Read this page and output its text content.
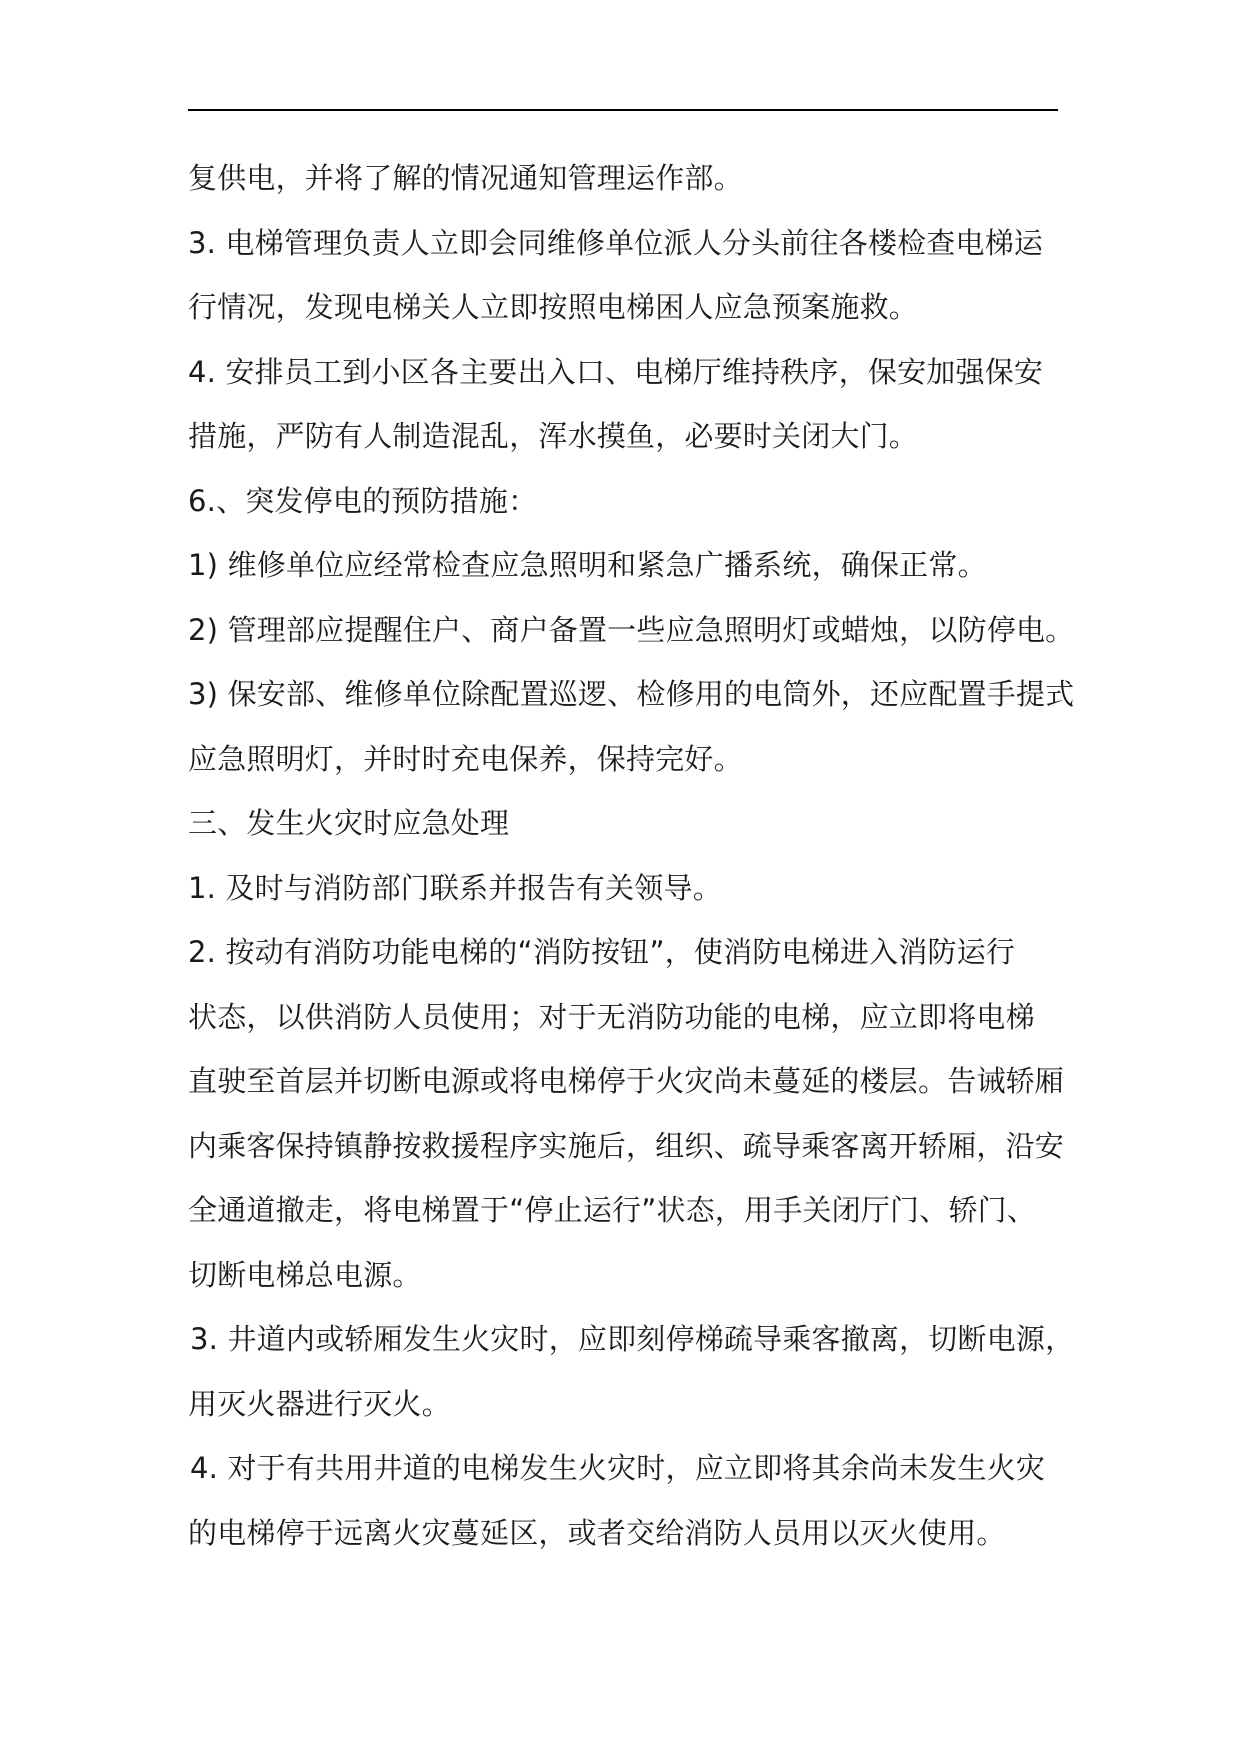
复供电，并将了解的情况通知管理运作部。

3. 电梯管理负责人立即会同维修单位派人分头前往各楼检查电梯运

行情况，发现电梯关人立即按照电梯困人应急预案施救。

4. 安排员工到小区各主要出入口、电梯厅维持秩序，保安加强保安

措施，严防有人制造混乱，浑水摸鱼，必要时关闭大门。

6.、突发停电的预防措施：

1) 维修单位应经常检查应急照明和紧急广播系统，确保正常。

2) 管理部应提醒住户、商户备置一些应急照明灯或蜡烛，以防停电。

3) 保安部、维修单位除配置巡逻、检修用的电筒外，还应配置手提式

应急照明灯，并时时充电保养，保持完好。

三、发生火灾时应急处理

1. 及时与消防部门联系并报告有关领导。

2. 按动有消防功能电梯的“消防按钮”，使消防电梯进入消防运行

状态，以供消防人员使用；对于无消防功能的电梯，应立即将电梯

直驶至首层并切断电源或将电梯停于火灾尚未蔓延的楼层。告诫轿厢

内乘客保持镇静按救援程序实施后，组织、疏导乘客离开轿厢，沿安

全通道撤走，将电梯置于“停止运行”状态，用手关闭厅门、轿门、

切断电梯总电源。

3. 井道内或轿厢发生火灾时，应即刻停梯疏导乘客撤离，切断电源，

用灭火器进行灭火。

4. 对于有共用井道的电梯发生火灾时，应立即将其余尚未发生火灾

的电梯停于远离火灾蔓延区，或者交给消防人员用以灭火使用。
